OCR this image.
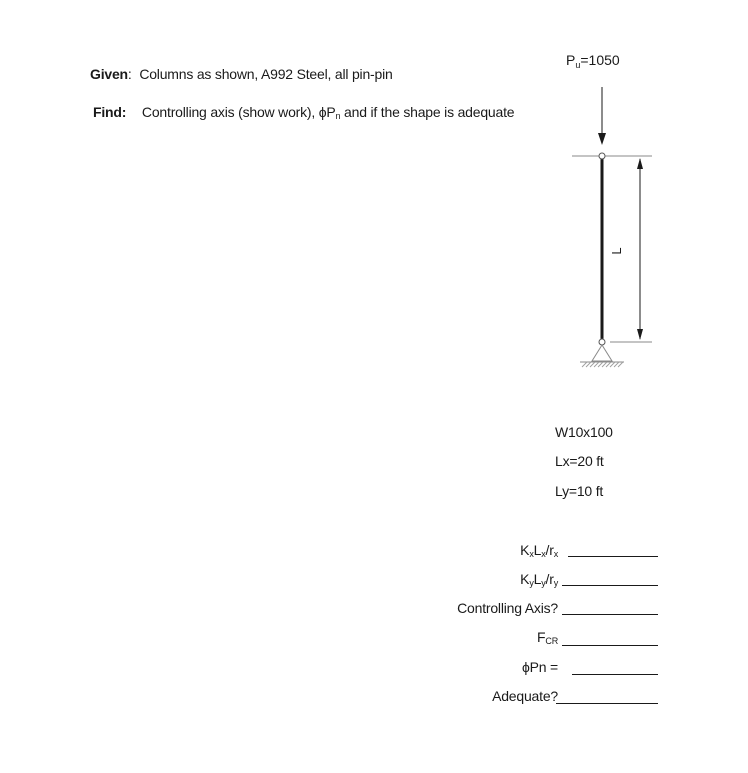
Given: Columns as shown, A992 Steel, all pin-pin
Find: Controlling axis (show work), $\phi P_n$ and if the shape is adequate
$P_u=1050$
L
W10x100
Lx=20 ft
Ly=10 ft
$K_xL_x/r_x$
$K_yL_y/r_y$
Controlling Axis?
$F_{CR}$
ϕPn =
Adequate?
